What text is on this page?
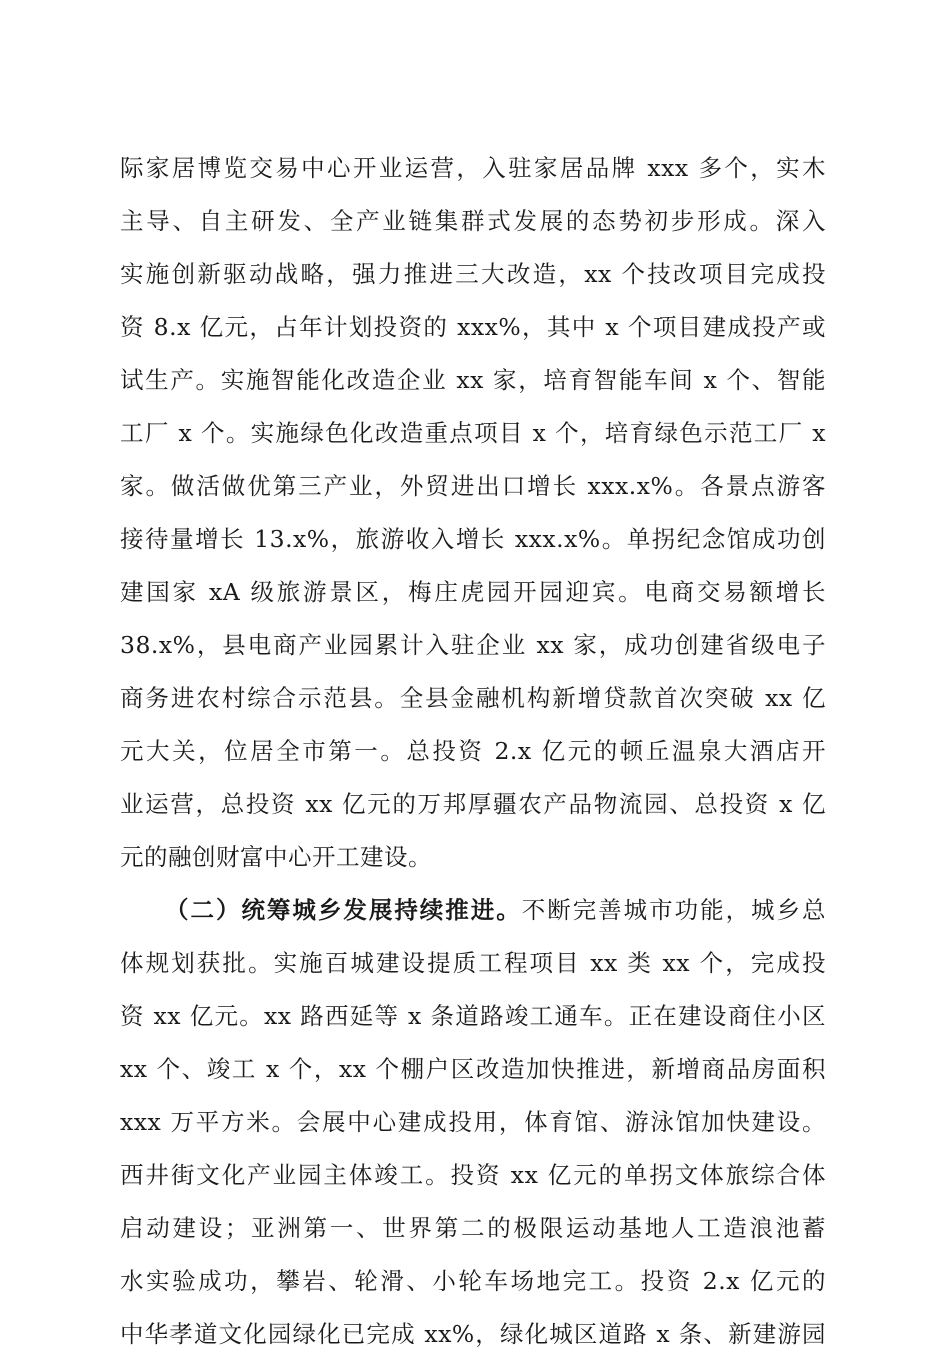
际家居博览交易中心开业运营，入驻家居品牌 xxx 多个，实木
主导、自主研发、全产业链集群式发展的态势初步形成。深入
实施创新驱动战略，强力推进三大改造，xx 个技改项目完成投
资 8.x 亿元，占年计划投资的 xxx%，其中 x 个项目建成投产或
试生产。实施智能化改造企业 xx 家，培育智能车间 x 个、智能
工厂 x 个。实施绿色化改造重点项目 x 个，培育绿色示范工厂 x
家。做活做优第三产业，外贸进出口增长 xxx.x%。各景点游客
接待量增长 13.x%，旅游收入增长 xxx.x%。单拐纪念馆成功创
建国家 xA 级旅游景区，梅庄虎园开园迎宾。电商交易额增长
38.x%，县电商产业园累计入驻企业 xx 家，成功创建省级电子
商务进农村综合示范县。全县金融机构新增贷款首次突破 xx 亿
元大关，位居全市第一。总投资 2.x 亿元的顿丘温泉大酒店开
业运营，总投资 xx 亿元的万邦厚疆农产品物流园、总投资 x 亿
元的融创财富中心开工建设。
（二）统筹城乡发展持续推进。不断完善城市功能，城乡总
体规划获批。实施百城建设提质工程项目 xx 类 xx 个，完成投
资 xx 亿元。xx 路西延等 x 条道路竣工通车。正在建设商住小区
xx 个、竣工 x 个，xx 个棚户区改造加快推进，新增商品房面积
xxx 万平方米。会展中心建成投用，体育馆、游泳馆加快建设。
西井街文化产业园主体竣工。投资 xx 亿元的单拐文体旅综合体
启动建设；亚洲第一、世界第二的极限运动基地人工造浪池蓄
水实验成功，攀岩、轮滑、小轮车场地完工。投资 2.x 亿元的
中华孝道文化园绿化已完成 xx%，绿化城区道路 x 条、新建游园
